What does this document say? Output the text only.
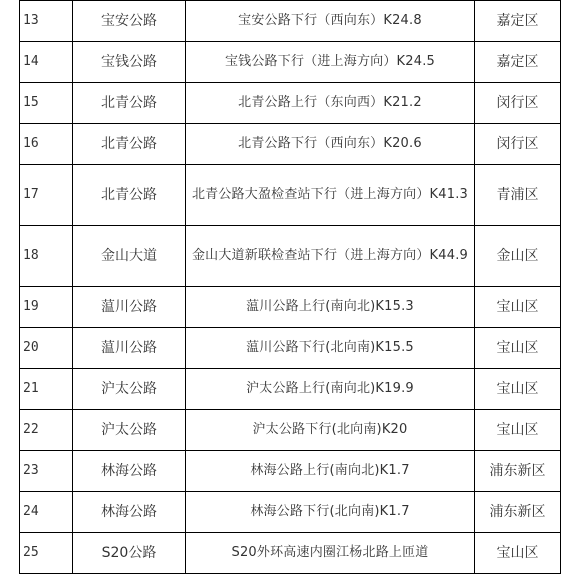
13	宝安公路	宝安公路下行（西向东）K24.8	嘉定区
14	宝钱公路	宝钱公路下行（进上海方向）K24.5	嘉定区
15	北青公路	北青公路上行（东向西）K21.2	闵行区
16	北青公路	北青公路下行（西向东）K20.6	闵行区
17	北青公路	北青公路大盈检查站下行（进上海方向）K41.3	青浦区
18	金山大道	金山大道新联检查站下行（进上海方向）K44.9	金山区
19	蕰川公路	蕰川公路上行(南向北)K15.3	宝山区
20	蕰川公路	蕰川公路下行(北向南)K15.5	宝山区
21	沪太公路	沪太公路上行(南向北)K19.9	宝山区
22	沪太公路	沪太公路下行(北向南)K20	宝山区
23	林海公路	林海公路上行(南向北)K1.7	浦东新区
24	林海公路	林海公路下行(北向南)K1.7	浦东新区
25	S20公路	S20外环高速内圈江杨北路上匝道	宝山区
